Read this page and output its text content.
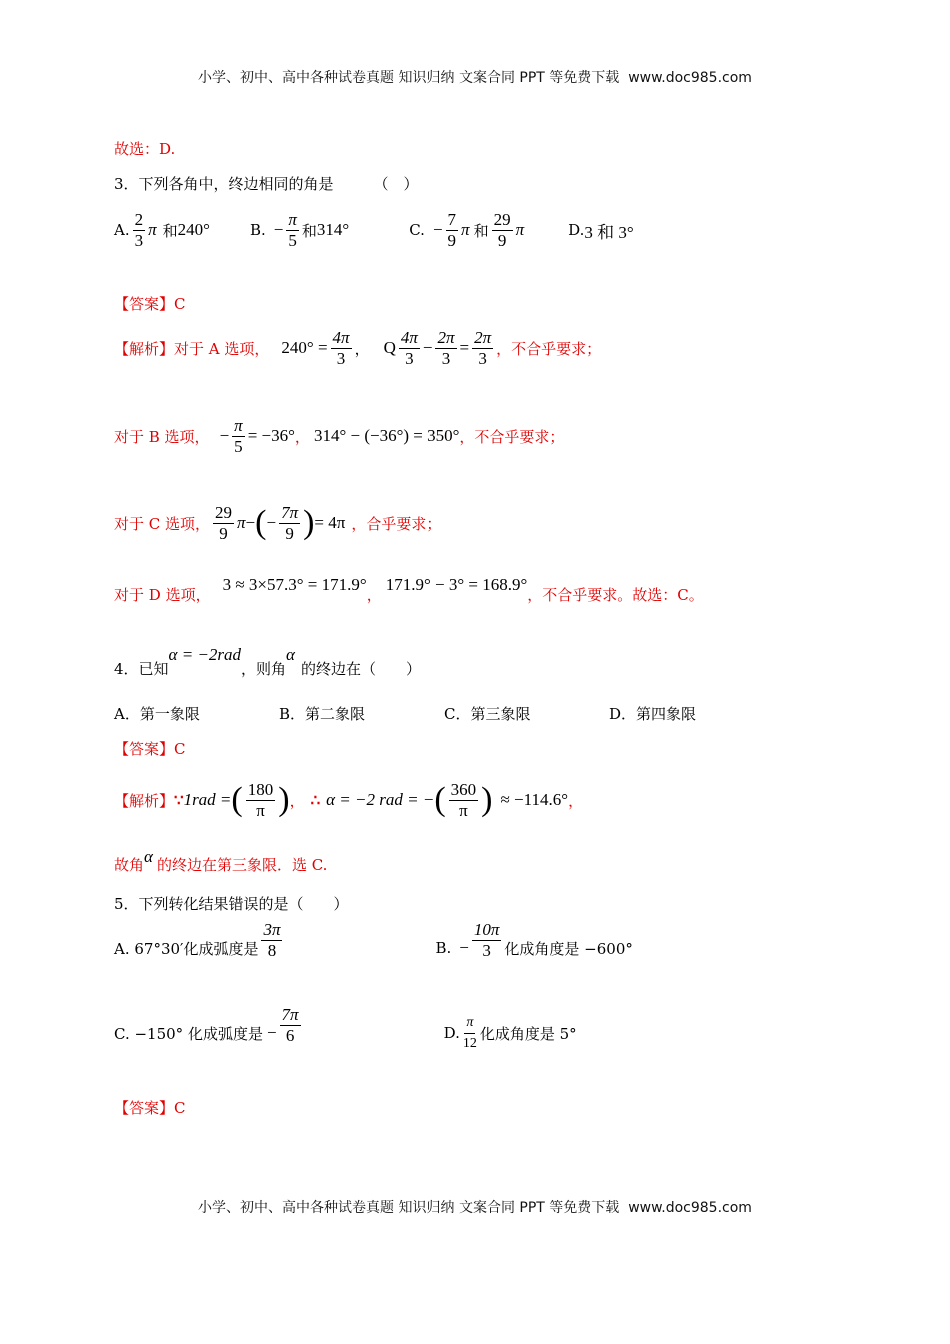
小学、初中、高中各种试卷真题 知识归纳 文案合同 PPT 等免费下载 www.doc985.com
故选：D.
3．下列各角中，终边相同的角是	（　）
A. $\frac{2}{3}$ π 和 240°	B. − $\frac{\pi}{5}$ 和 314°	C. − $\frac{7}{9}$ π 和 $\frac{29}{9}$ π	D. 3 和 3°
【答案】 C
【解析】 对于 A 选项， $240^\circ = \frac{4\pi}{3}$ ， Q $\frac{4\pi}{3} - \frac{2\pi}{3} = \frac{2\pi}{3}$ ，不合乎要求；
对于 B 选项， − $\frac{\pi}{5} = -36^\circ$ ， 314° − (−36°) = 350° ，不合乎要求；
对于 C 选项， $\frac{29}{9}$ π − ( − $\frac{7\pi}{9}$ ) = 4π ，合乎要求；
对于 D 选项，
3 ≈ 3×57.3° = 171.9°
，
171.9° − 3° = 168.9°
，不合乎要求。故选：C。
4．已知
α = −2rad
，则角
α
的终边在（　　）
A．第一象限	B．第二象限	C．第三象限	D．第四象限
【答案】 C
【解析】 ∵ 1rad = ( $\frac{180}{\pi}$ ) ， ∴ α = −2 rad = − ( $\frac{360}{\pi}$ ) ≈ −114.6° ，
故角 α 的终边在第三象限．选 C.
5．下列转化结果错误的是（　　）
A. 67°30′化成弧度是 $\frac{3\pi}{8}$	B. − $\frac{10\pi}{3}$ 化成角度是 −600°
C. −150° 化成弧度是 − $\frac{7\pi}{6}$	D. $\frac{\pi}{12}$ 化成角度是 5°
【答案】 C
小学、初中、高中各种试卷真题 知识归纳 文案合同 PPT 等免费下载 www.doc985.com
